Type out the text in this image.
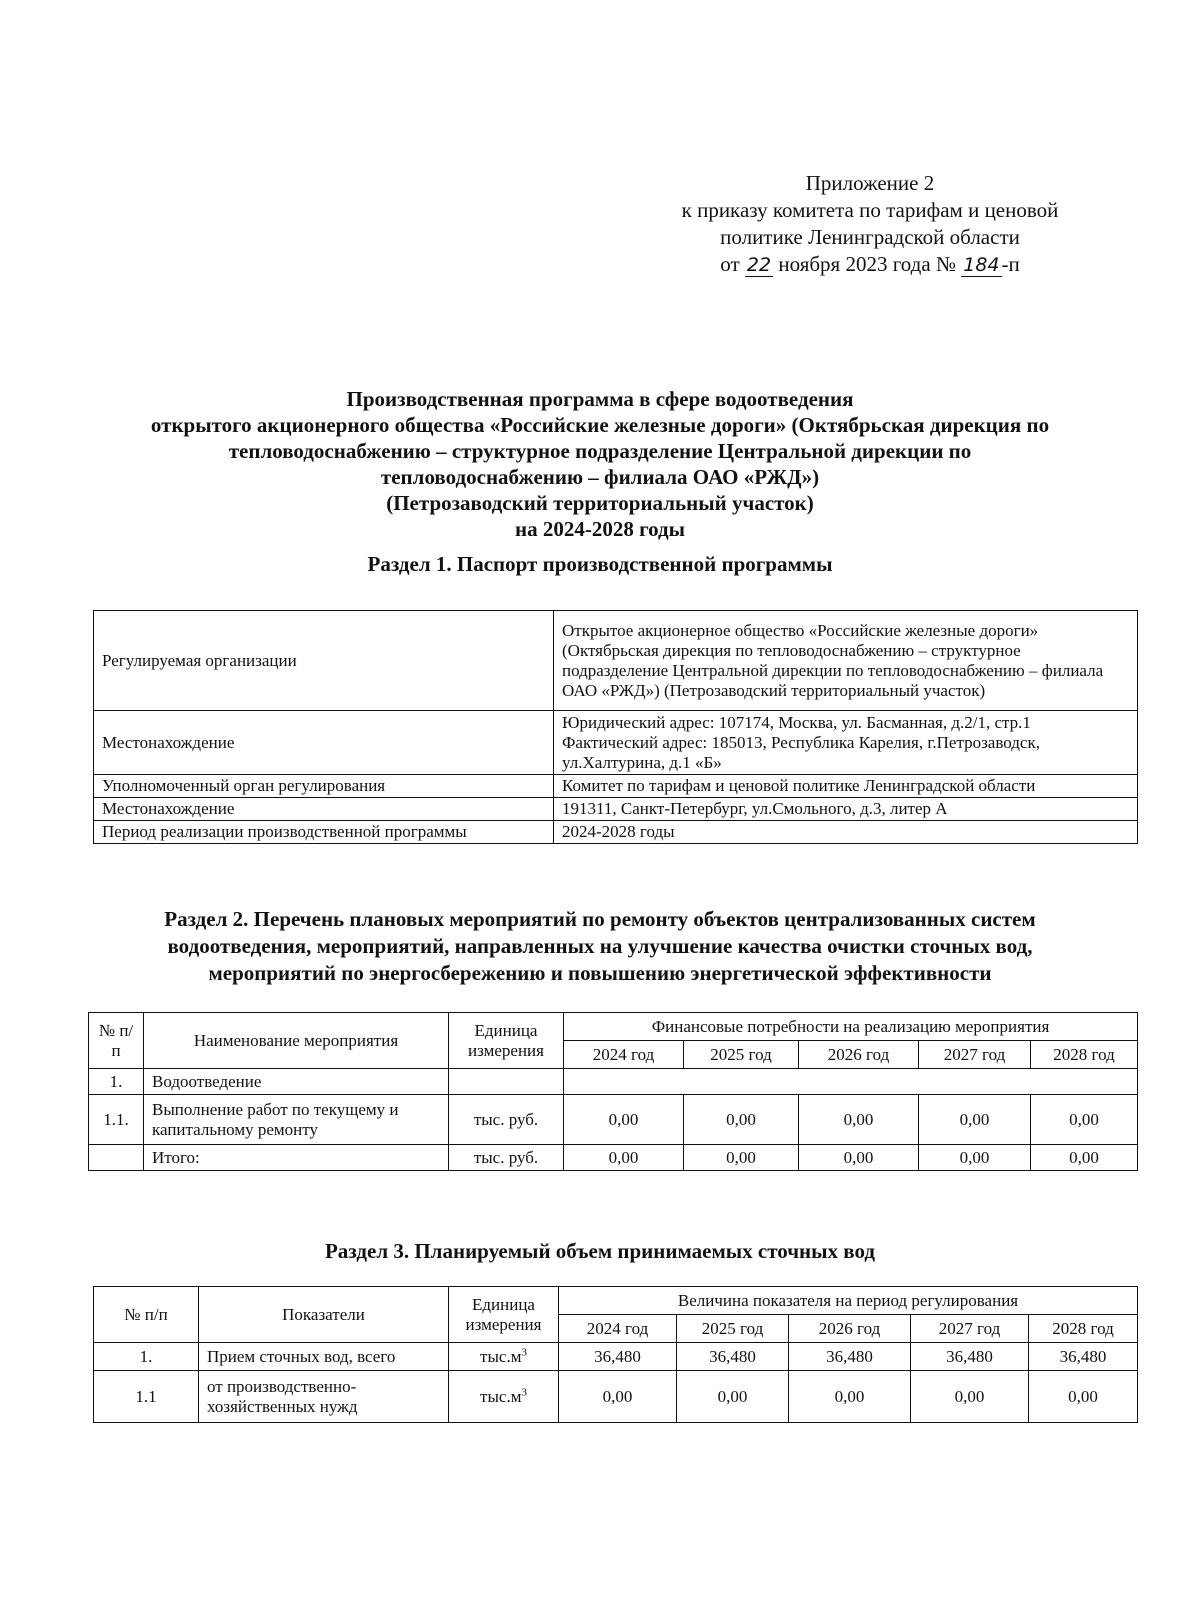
Приложение 2
к приказу комитета по тарифам и ценовой
политике Ленинградской области
от 22 ноября 2023 года № 184-п
Производственная программа в сфере водоотведения
открытого акционерного общества «Российские железные дороги» (Октябрьская дирекция по
тепловодоснабжению – структурное подразделение Центральной дирекции по
тепловодоснабжению – филиала ОАО «РЖД»)
(Петрозаводский территориальный участок)
на 2024-2028 годы
Раздел 1. Паспорт производственной программы
Регулируемая организации	Открытое акционерное общество «Российские железные дороги» (Октябрьская дирекция по тепловодоснабжению – структурное подразделение Центральной дирекции по тепловодоснабжению – филиала ОАО «РЖД») (Петрозаводский территориальный участок)
Местонахождение	Юридический адрес: 107174, Москва, ул. Басманная, д.2/1, стр.1
Фактический адрес: 185013, Республика Карелия, г.Петрозаводск, ул.Халтурина, д.1 «Б»

Уполномоченный орган регулирования	Комитет по тарифам и ценовой политике Ленинградской области
Местонахождение	191311, Санкт-Петербург, ул.Смольного, д.3, литер А
Период реализации производственной программы	2024-2028 годы
Раздел 2. Перечень плановых мероприятий по ремонту объектов централизованных систем
водоотведения, мероприятий, направленных на улучшение качества очистки сточных вод,
мероприятий по энергосбережению и повышению энергетической эффективности
№ п/п	Наименование мероприятия	Единица измерения	Финансовые потребности на реализацию мероприятия				
			2024 год	2025 год	2026 год	2027 год	2028 год
1.	Водоотведение						
1.1.	Выполнение работ по текущему и капитальному ремонту	тыс. руб.	0,00	0,00	0,00	0,00	0,00
	Итого:	тыс. руб.	0,00	0,00	0,00	0,00	0,00
Раздел 3. Планируемый объем принимаемых сточных вод
№ п/п	Показатели	Единица измерения	Величина показателя на период регулирования				
			2024 год	2025 год	2026 год	2027 год	2028 год
1.	Прием сточных вод, всего	$тыс.м^3$	36,480	36,480	36,480	36,480	36,480
1.1	от производственно-хозяйственных нужд	$тыс.м^3$	0,00	0,00	0,00	0,00	0,00
